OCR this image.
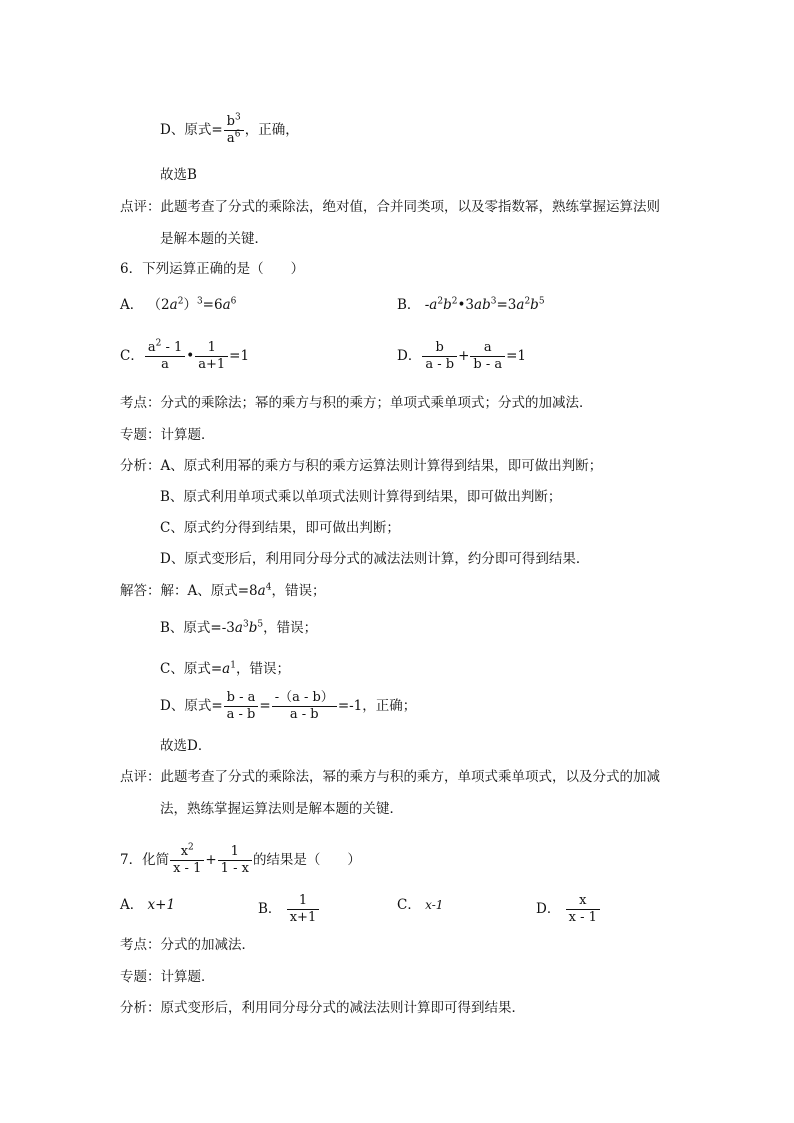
D、原式= $\frac{b^3}{a^6}$ ，正确，
故选B
点评：此题考查了分式的乘除法，绝对值，合并同类项，以及零指数幂，熟练掌握运算法则
是解本题的关键．
6．下列运算正确的是（　　）
A． $(2a^2)^3=6a^6$	B． $-a^2b^2•3ab^3=3a^2b^5$
C． $\frac{a^2 - 1}{a}$ • $\frac{1}{a+1} =1$	D． $\frac{b}{a - b} + \frac{a}{b - a} =1$
考点：分式的乘除法；幂的乘方与积的乘方；单项式乘单项式；分式的加减法．
专题：计算题．
分析：A、原式利用幂的乘方与积的乘方运算法则计算得到结果，即可做出判断；
B、原式利用单项式乘以单项式法则计算得到结果，即可做出判断；
C、原式约分得到结果，即可做出判断；
D、原式变形后，利用同分母分式的减法法则计算，约分即可得到结果．
解答：解：A、原式$=8a^4$，错误；
B、原式$=-3a^3b^5$，错误；
C、原式$=a^1$，错误；
D、原式= $\frac{b - a}{a - b} = \frac{-(a - b)}{a - b} =-1$，正确；
故选D．
点评：此题考查了分式的乘除法，幂的乘方与积的乘方，单项式乘单项式，以及分式的加减
法，熟练掌握运算法则是解本题的关键．
7．化简 $\frac{x^2}{x - 1} + \frac{1}{1 - x}$ 的结果是（　　）
A． x+1	B． $\frac{1}{x+1}$	C． x-1	D． $\frac{x}{x - 1}$
考点：分式的加减法．
专题：计算题．
分析：原式变形后，利用同分母分式的减法法则计算即可得到结果．
